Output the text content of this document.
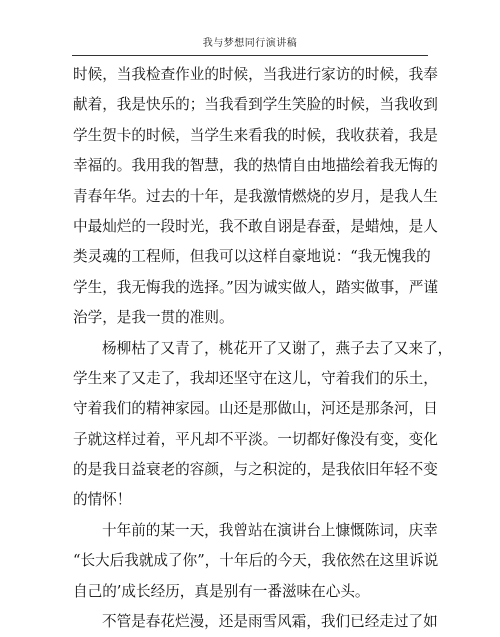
我与梦想同行演讲稿
时候，当我检查作业的时候，当我进行家访的时候，我奉
献着，我是快乐的；当我看到学生笑脸的时候，当我收到
学生贺卡的时候，当学生来看我的时候，我收获着，我是
幸福的。我用我的智慧，我的热情自由地描绘着我无悔的
青春年华。过去的十年，是我激情燃烧的岁月，是我人生
中最灿烂的一段时光，我不敢自诩是春蚕，是蜡烛，是人
类灵魂的工程师，但我可以这样自豪地说：“我无愧我的
学生，我无悔我的选择。”因为诚实做人，踏实做事，严谨
治学，是我一贯的准则。
杨柳枯了又青了，桃花开了又谢了，燕子去了又来了，
学生来了又走了，我却还坚守在这儿，守着我们的乐土，
守着我们的精神家园。山还是那做山，河还是那条河，日
子就这样过着，平凡却不平淡。一切都好像没有变，变化
的是我日益衰老的容颜，与之积淀的，是我依旧年轻不变
的情怀！
十年前的某一天，我曾站在演讲台上慷慨陈词，庆幸
“长大后我就成了你”，十年后的今天，我依然在这里诉说
自己的’成长经历，真是别有一番滋味在心头。
不管是春花烂漫，还是雨雪风霜，我们已经走过了如
